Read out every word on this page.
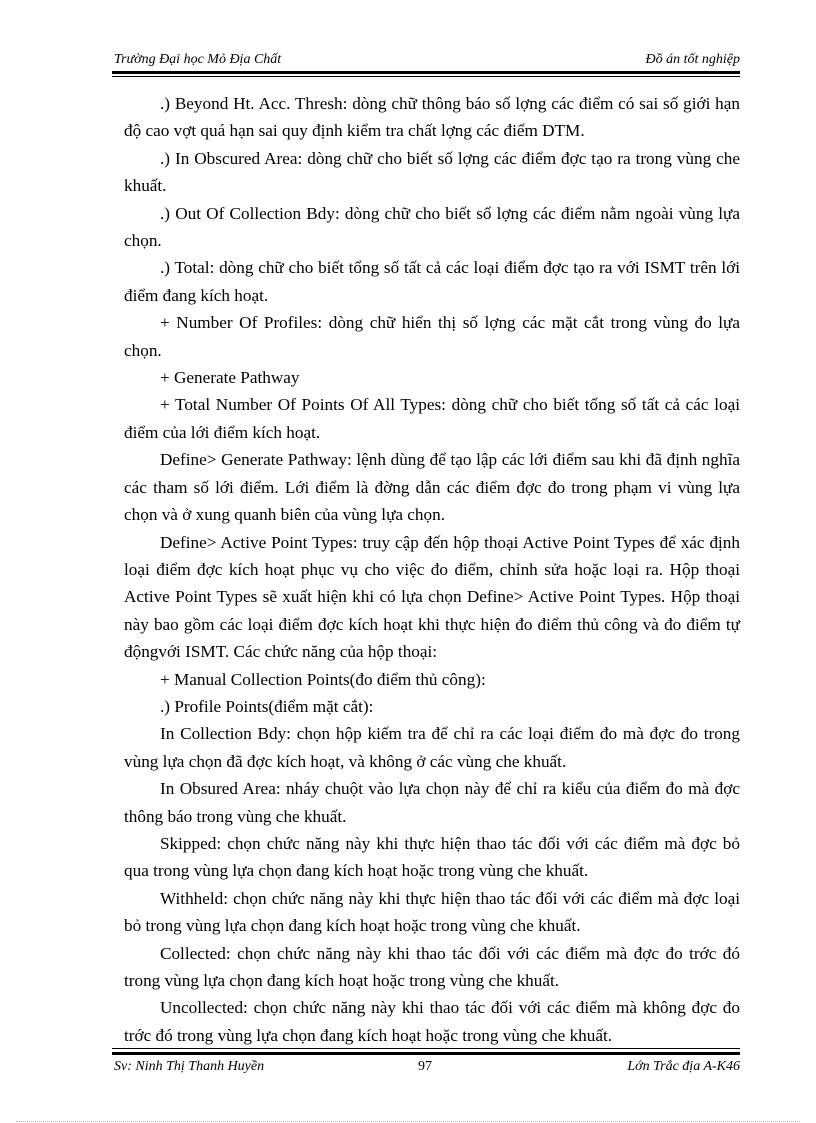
Trường Đại học Mỏ Địa Chất	Đồ án tốt nghiệp

.) Beyond Ht. Acc. Thresh: dòng chữ thông báo số lợng các điểm có sai số giới hạn độ cao vợt quá hạn sai quy định kiểm tra chất lợng các điểm DTM.

.) In Obscured Area: dòng chữ cho biết số lợng các điểm đợc tạo ra trong vùng che khuất.

.) Out Of Collection Bdy: dòng chữ cho biết số lợng các điểm nằm ngoài vùng lựa chọn.

.) Total: dòng chữ cho biết tổng số tất cả các loại điểm đợc tạo ra với ISMT trên lới điểm đang kích hoạt.

+ Number Of Profiles: dòng chữ hiển thị số lợng các mặt cắt trong vùng đo lựa chọn.

+ Generate Pathway

+ Total Number Of Points Of All Types: dòng chữ cho biết tổng số tất cả các loại điểm của lới điểm kích hoạt.

Define> Generate Pathway: lệnh dùng để tạo lập các lới điểm sau khi đã định nghĩa các tham số lới điểm. Lới điểm là đờng dẫn các điểm đợc đo trong phạm vi vùng lựa chọn và ở xung quanh biên của vùng lựa chọn.

Define> Active Point Types: truy cập đến hộp thoại Active Point Types để xác định loại điểm đợc kích hoạt phục vụ cho việc đo điểm, chỉnh sửa hoặc loại ra. Hộp thoại Active Point Types sẽ xuất hiện khi có lựa chọn Define> Active Point Types. Hộp thoại này bao gồm các loại điểm đợc kích hoạt khi thực hiện đo điểm thủ công và đo điểm tự độngvới ISMT. Các chức năng của hộp thoại:

+ Manual Collection Points(đo điểm thủ công):

.) Profile Points(điểm mặt cắt):

In Collection Bdy: chọn hộp kiểm tra để chỉ ra các loại điểm đo mà đợc đo trong vùng lựa chọn đã đợc kích hoạt, và không ở các vùng che khuất.

In Obsured Area: nháy chuột vào lựa chọn này để chỉ ra kiểu của điểm đo mà đợc thông báo trong vùng che khuất.

Skipped: chọn chức năng này khi thực hiện thao tác đối với các điểm mà đợc bỏ qua trong vùng lựa chọn đang kích hoạt hoặc trong vùng che khuất.

Withheld: chọn chức năng này khi thực hiện thao tác đối với các điểm mà đợc loại bỏ trong vùng lựa chọn đang kích hoạt hoặc trong vùng che khuất.

Collected: chọn chức năng này khi thao tác đối với các điểm mà đợc đo trớc đó trong vùng lựa chọn đang kích hoạt hoặc trong vùng che khuất.

Uncollected: chọn chức năng này khi thao tác đối với các điểm mà không đợc đo trớc đó trong vùng lựa chọn đang kích hoạt hoặc trong vùng che khuất.

Sv: Ninh Thị Thanh Huyền	97	Lớn Trắc địa A-K46
